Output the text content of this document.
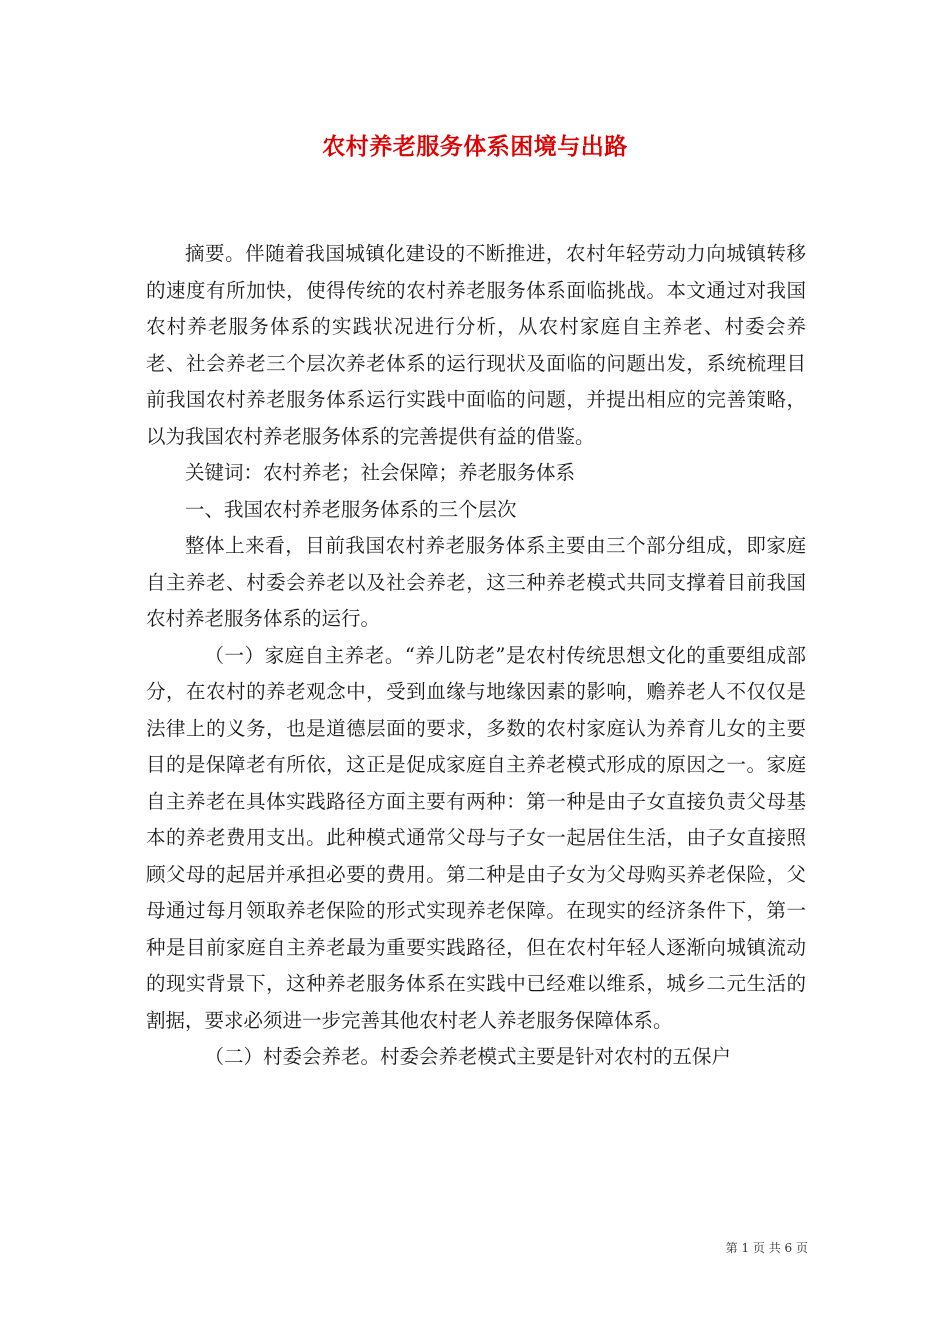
农村养老服务体系困境与出路

摘要。伴随着我国城镇化建设的不断推进，农村年轻劳动力向城镇转移的速度有所加快，使得传统的农村养老服务体系面临挑战。本文通过对我国农村养老服务体系的实践状况进行分析，从农村家庭自主养老、村委会养老、社会养老三个层次养老体系的运行现状及面临的问题出发，系统梳理目前我国农村养老服务体系运行实践中面临的问题，并提出相应的完善策略，以为我国农村养老服务体系的完善提供有益的借鉴。

关键词：农村养老；社会保障；养老服务体系

一、我国农村养老服务体系的三个层次

整体上来看，目前我国农村养老服务体系主要由三个部分组成，即家庭自主养老、村委会养老以及社会养老，这三种养老模式共同支撑着目前我国农村养老服务体系的运行。

（一）家庭自主养老。“养儿防老”是农村传统思想文化的重要组成部分，在农村的养老观念中，受到血缘与地缘因素的影响，赡养老人不仅仅是法律上的义务，也是道德层面的要求，多数的农村家庭认为养育儿女的主要目的是保障老有所依，这正是促成家庭自主养老模式形成的原因之一。家庭自主养老在具体实践路径方面主要有两种：第一种是由子女直接负责父母基本的养老费用支出。此种模式通常父母与子女一起居住生活，由子女直接照顾父母的起居并承担必要的费用。第二种是由子女为父母购买养老保险，父母通过每月领取养老保险的形式实现养老保障。在现实的经济条件下，第一种是目前家庭自主养老最为重要实践路径，但在农村年轻人逐渐向城镇流动的现实背景下，这种养老服务体系在实践中已经难以维系，城乡二元生活的割据，要求必须进一步完善其他农村老人养老服务保障体系。

（二）村委会养老。村委会养老模式主要是针对农村的五保户

第 1 页 共 6 页
